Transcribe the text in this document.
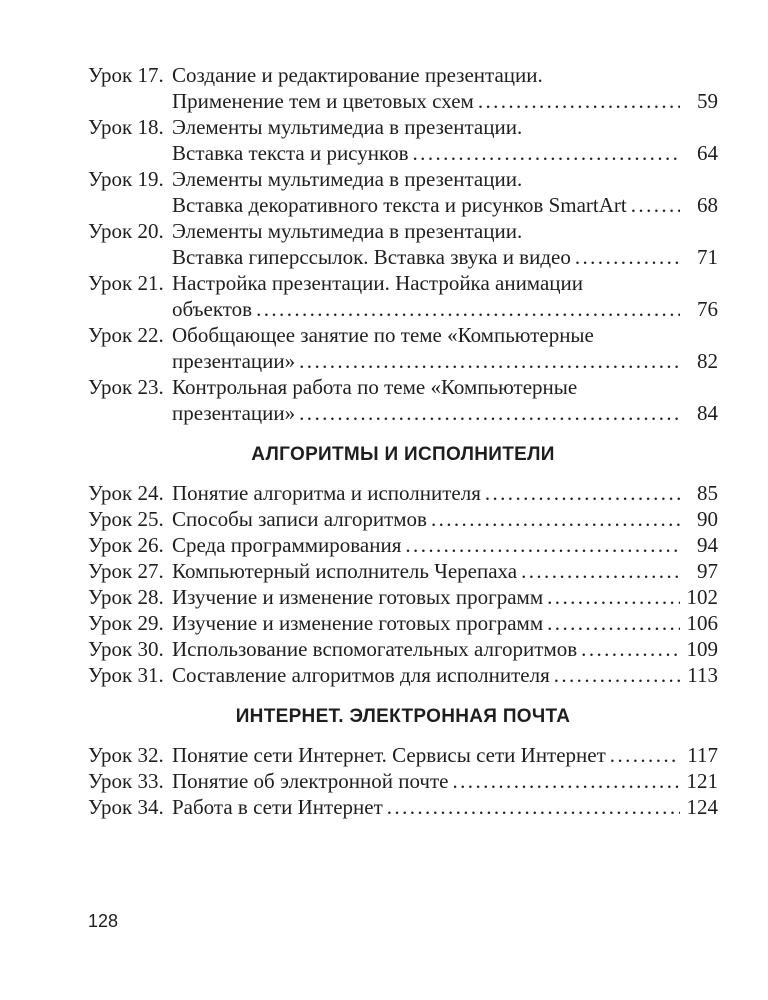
Урок 17. Создание и редактирование презентации.
Применение тем и цветовых схем .....	59
Урок 18. Элементы мультимедиа в презентации.
Вставка текста и рисунков .....	64
Урок 19. Элементы мультимедиа в презентации.
Вставка декоративного текста и рисунков SmartArt .....	68
Урок 20. Элементы мультимедиа в презентации.
Вставка гиперссылок. Вставка звука и видео .....	71
Урок 21. Настройка презентации. Настройка анимации
объектов .....	76
Урок 22. Обобщающее занятие по теме «Компьютерные
презентации» .....	82
Урок 23. Контрольная работа по теме «Компьютерные
презентации» .....	84
АЛГОРИТМЫ И ИСПОЛНИТЕЛИ
Урок 24. Понятие алгоритма и исполнителя .....	85
Урок 25. Способы записи алгоритмов .....	90
Урок 26. Среда программирования .....	94
Урок 27. Компьютерный исполнитель Черепаха .....	97
Урок 28. Изучение и изменение готовых программ .....	102
Урок 29. Изучение и изменение готовых программ .....	106
Урок 30. Использование вспомогательных алгоритмов .....	109
Урок 31. Составление алгоритмов для исполнителя .....	113
ИНТЕРНЕТ. ЭЛЕКТРОННАЯ ПОЧТА
Урок 32. Понятие сети Интернет. Сервисы сети Интернет .....	117
Урок 33. Понятие об электронной почте .....	121
Урок 34. Работа в сети Интернет .....	124
128
